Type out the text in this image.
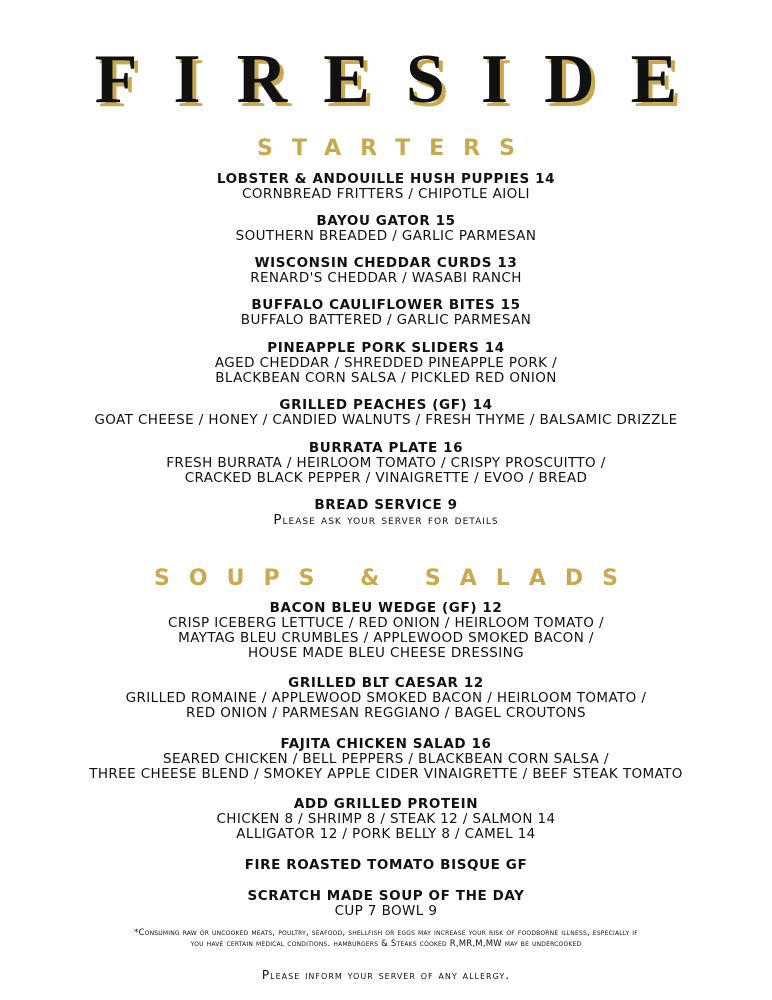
FIRESIDE
STARTERS
LOBSTER & ANDOUILLE HUSH PUPPIES 14
CORNBREAD FRITTERS / CHIPOTLE AIOLI
BAYOU GATOR 15
SOUTHERN BREADED / GARLIC PARMESAN
WISCONSIN CHEDDAR CURDS 13
RENARD'S CHEDDAR / WASABI RANCH
BUFFALO CAULIFLOWER BITES 15
BUFFALO BATTERED / GARLIC PARMESAN
PINEAPPLE PORK SLIDERS 14
AGED CHEDDAR / SHREDDED PINEAPPLE PORK /
BLACKBEAN CORN SALSA / PICKLED RED ONION
GRILLED PEACHES (GF) 14
GOAT CHEESE / HONEY / CANDIED WALNUTS / FRESH THYME / BALSAMIC DRIZZLE
BURRATA PLATE 16
FRESH BURRATA / HEIRLOOM TOMATO / CRISPY PROSCUITTO /
CRACKED BLACK PEPPER / VINAIGRETTE / EVOO / BREAD
BREAD SERVICE 9
Please ask your server for details
SOUPS & SALADS
BACON BLEU WEDGE (GF) 12
CRISP ICEBERG LETTUCE / RED ONION / HEIRLOOM TOMATO /
MAYTAG BLEU CRUMBLES / APPLEWOOD SMOKED BACON /
HOUSE MADE BLEU CHEESE DRESSING
GRILLED BLT CAESAR 12
GRILLED ROMAINE / APPLEWOOD SMOKED BACON / HEIRLOOM TOMATO /
RED ONION / PARMESAN REGGIANO / BAGEL CROUTONS
FAJITA CHICKEN SALAD 16
SEARED CHICKEN / BELL PEPPERS / BLACKBEAN CORN SALSA /
THREE CHEESE BLEND / SMOKEY APPLE CIDER VINAIGRETTE / BEEF STEAK TOMATO
ADD GRILLED PROTEIN
CHICKEN 8 / SHRIMP 8 / STEAK 12 / SALMON 14
ALLIGATOR 12 / PORK BELLY 8 / CAMEL 14
FIRE ROASTED TOMATO BISQUE GF
SCRATCH MADE SOUP OF THE DAY
CUP 7 BOWL 9
*Consuming raw or uncooked meats, poultry, seafood, shellfish or eggs may increase your risk of foodborne illness, especially if you have certain medical conditions. hamburgers & Steaks cooked R,MR,M,MW may be undercooked
Please inform your server of any allergy.
